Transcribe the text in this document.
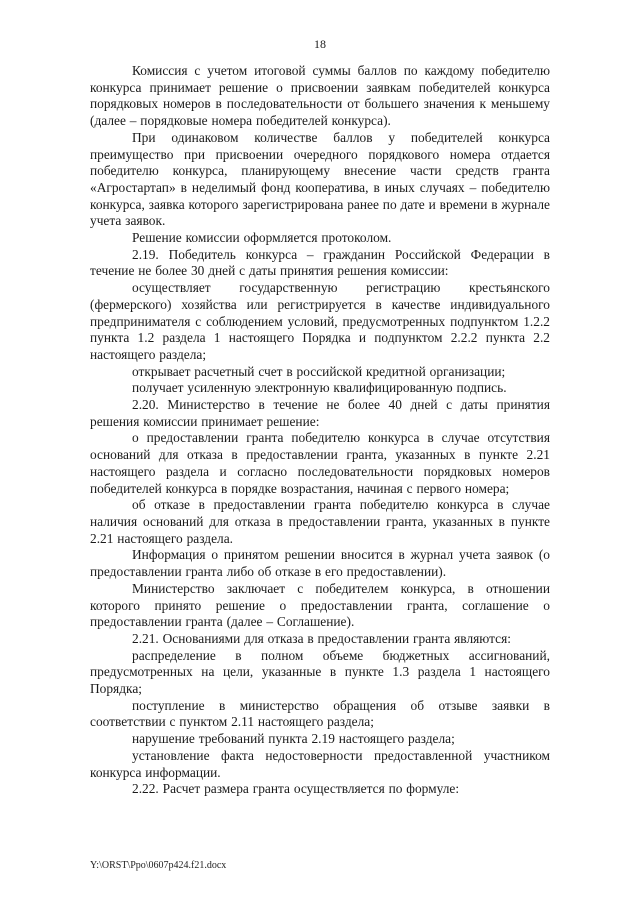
18

Комиссия с учетом итоговой суммы баллов по каждому победителю конкурса принимает решение о присвоении заявкам победителей конкурса порядковых номеров в последовательности от большего значения к меньшему (далее – порядковые номера победителей конкурса).

При одинаковом количестве баллов у победителей конкурса преимущество при присвоении очередного порядкового номера отдается победителю конкурса, планирующему внесение части средств гранта «Агростартап» в неделимый фонд кооператива, в иных случаях – победителю конкурса, заявка которого зарегистрирована ранее по дате и времени в журнале учета заявок.

Решение комиссии оформляется протоколом.

2.19. Победитель конкурса – гражданин Российской Федерации в течение не более 30 дней с даты принятия решения комиссии:

осуществляет государственную регистрацию крестьянского (фермерского) хозяйства или регистрируется в качестве индивидуального предпринимателя с соблюдением условий, предусмотренных подпунктом 1.2.2 пункта 1.2 раздела 1 настоящего Порядка и подпунктом 2.2.2 пункта 2.2 настоящего раздела;

открывает расчетный счет в российской кредитной организации;

получает усиленную электронную квалифицированную подпись.

2.20. Министерство в течение не более 40 дней с даты принятия решения комиссии принимает решение:

о предоставлении гранта победителю конкурса в случае отсутствия оснований для отказа в предоставлении гранта, указанных в пункте 2.21 настоящего раздела и согласно последовательности порядковых номеров победителей конкурса в порядке возрастания, начиная с первого номера;

об отказе в предоставлении гранта победителю конкурса в случае наличия оснований для отказа в предоставлении гранта, указанных в пункте 2.21 настоящего раздела.

Информация о принятом решении вносится в журнал учета заявок (о предоставлении гранта либо об отказе в его предоставлении).

Министерство заключает с победителем конкурса, в отношении которого принято решение о предоставлении гранта, соглашение о предоставлении гранта (далее – Соглашение).

2.21. Основаниями для отказа в предоставлении гранта являются:

распределение в полном объеме бюджетных ассигнований, предусмотренных на цели, указанные в пункте 1.3 раздела 1 настоящего Порядка;

поступление в министерство обращения об отзыве заявки в соответствии с пунктом 2.11 настоящего раздела;

нарушение требований пункта 2.19 настоящего раздела;

установление факта недостоверности предоставленной участником конкурса информации.

2.22. Расчет размера гранта осуществляется по формуле:

Y:\ORST\Ppo\0607p424.f21.docx
